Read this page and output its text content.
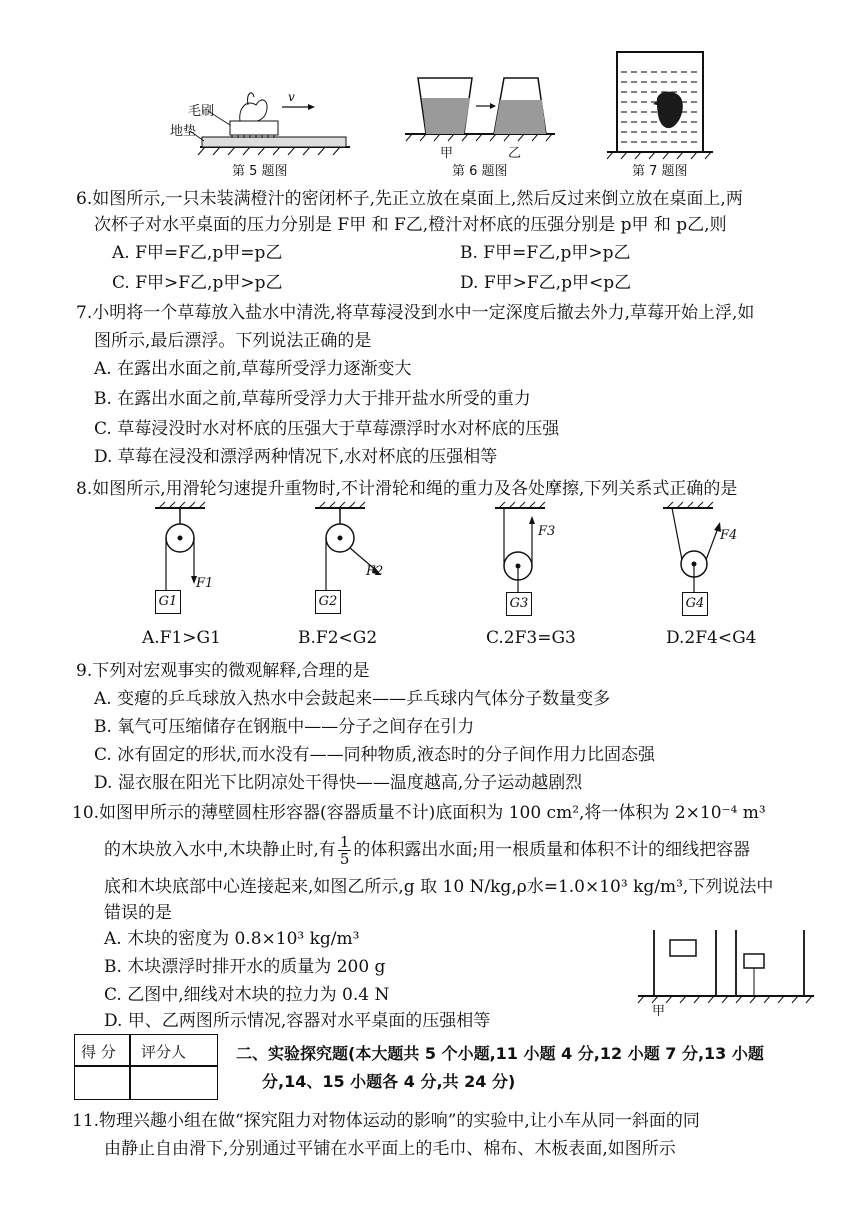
v
毛刷
地垫
第 5 题图
甲	乙
第 6 题图	第 7 题图
6.如图所示,一只未装满橙汁的密闭杯子,先正立放在桌面上,然后反过来倒立放在桌面上,两
次杯子对水平桌面的压力分别是 F甲 和 F乙,橙汁对杯底的压强分别是 p甲 和 p乙,则
A. F甲=F乙,p甲=p乙	B. F甲=F乙,p甲>p乙
C. F甲>F乙,p甲>p乙	D. F甲>F乙,p甲<p乙
7.小明将一个草莓放入盐水中清洗,将草莓浸没到水中一定深度后撤去外力,草莓开始上浮,如
图所示,最后漂浮。下列说法正确的是
A. 在露出水面之前,草莓所受浮力逐渐变大
B. 在露出水面之前,草莓所受浮力大于排开盐水所受的重力
C. 草莓浸没时水对杯底的压强大于草莓漂浮时水对杯底的压强
D. 草莓在浸没和漂浮两种情况下,水对杯底的压强相等
8.如图所示,用滑轮匀速提升重物时,不计滑轮和绳的重力及各处摩擦,下列关系式正确的是
G1
F1
A.F1>G1
G2
F2
B.F2<G2
G3
F3
C.2F3=G3
G4
F4
D.2F4<G4
9.下列对宏观事实的微观解释,合理的是
A. 变瘪的乒乓球放入热水中会鼓起来——乒乓球内气体分子数量变多
B. 氧气可压缩储存在钢瓶中——分子之间存在引力
C. 冰有固定的形状,而水没有——同种物质,液态时的分子间作用力比固态强
D. 湿衣服在阳光下比阴凉处干得快——温度越高,分子运动越剧烈
10.如图甲所示的薄壁圆柱形容器(容器质量不计)底面积为 100 cm²,将一体积为 2×10⁻⁴ m³
的木块放入水中,木块静止时,有 $\frac{1}{5}$ 的体积露出水面;用一根质量和体积不计的细线把容器
底和木块底部中心连接起来,如图乙所示,g 取 10 N/kg,ρ水=1.0×10³ kg/m³,下列说法中
错误的是
A. 木块的密度为 0.8×10³ kg/m³
B. 木块漂浮时排开水的质量为 200 g
C. 乙图中,细线对木块的拉力为 0.4 N
D. 甲、乙两图所示情况,容器对水平桌面的压强相等	甲
得 分 评分人	二、实验探究题(本大题共 5 个小题,11 小题 4 分,12 小题 7 分,13 小题
分,14、15 小题各 4 分,共 24 分)
11.物理兴趣小组在做“探究阻力对物体运动的影响”的实验中,让小车从同一斜面的同
由静止自由滑下,分别通过平铺在水平面上的毛巾、棉布、木板表面,如图所示
